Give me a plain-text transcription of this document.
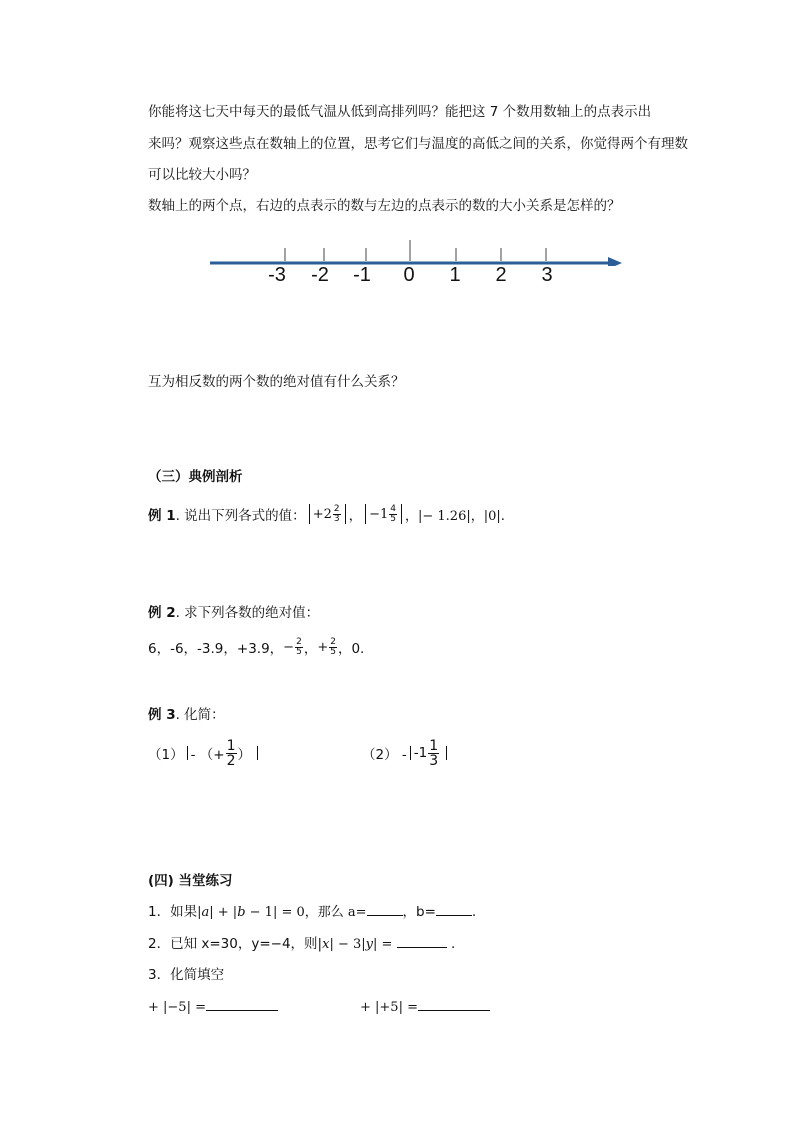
你能将这七天中每天的最低气温从低到高排列吗？能把这 7 个数用数轴上的点表示出
来吗？观察这些点在数轴上的位置，思考它们与温度的高低之间的关系，你觉得两个有理数
可以比较大小吗？
数轴上的两个点，右边的点表示的数与左边的点表示的数的大小关系是怎样的？
-3 -2 -1 0 1 2 3
互为相反数的两个数的绝对值有什么关系？
（三）典例剖析
例 1 . 说出下列各式的值： $+2 \frac{2}{3}$ ， $-1 \frac{4}{5}$ ，|− 1.26|，|0|.
例 2. 求下列各数的绝对值：
6，-6，-3.9，+3.9， − $\frac{2}{5}$ ， + $\frac{2}{5}$ ，0.
例 3. 化简：
（1） - （+ $\frac{1}{2}$ ）	$(2) - -1 \frac{1}{3}$
(四) 当堂练习
1．如果|a| + |b − 1| = 0，那么 a=	，b=	.
2．已知 x=30，y=−4，则|x| − 3|y| =	.
3．化简填空
+ |−5| =	+ |+5| =
